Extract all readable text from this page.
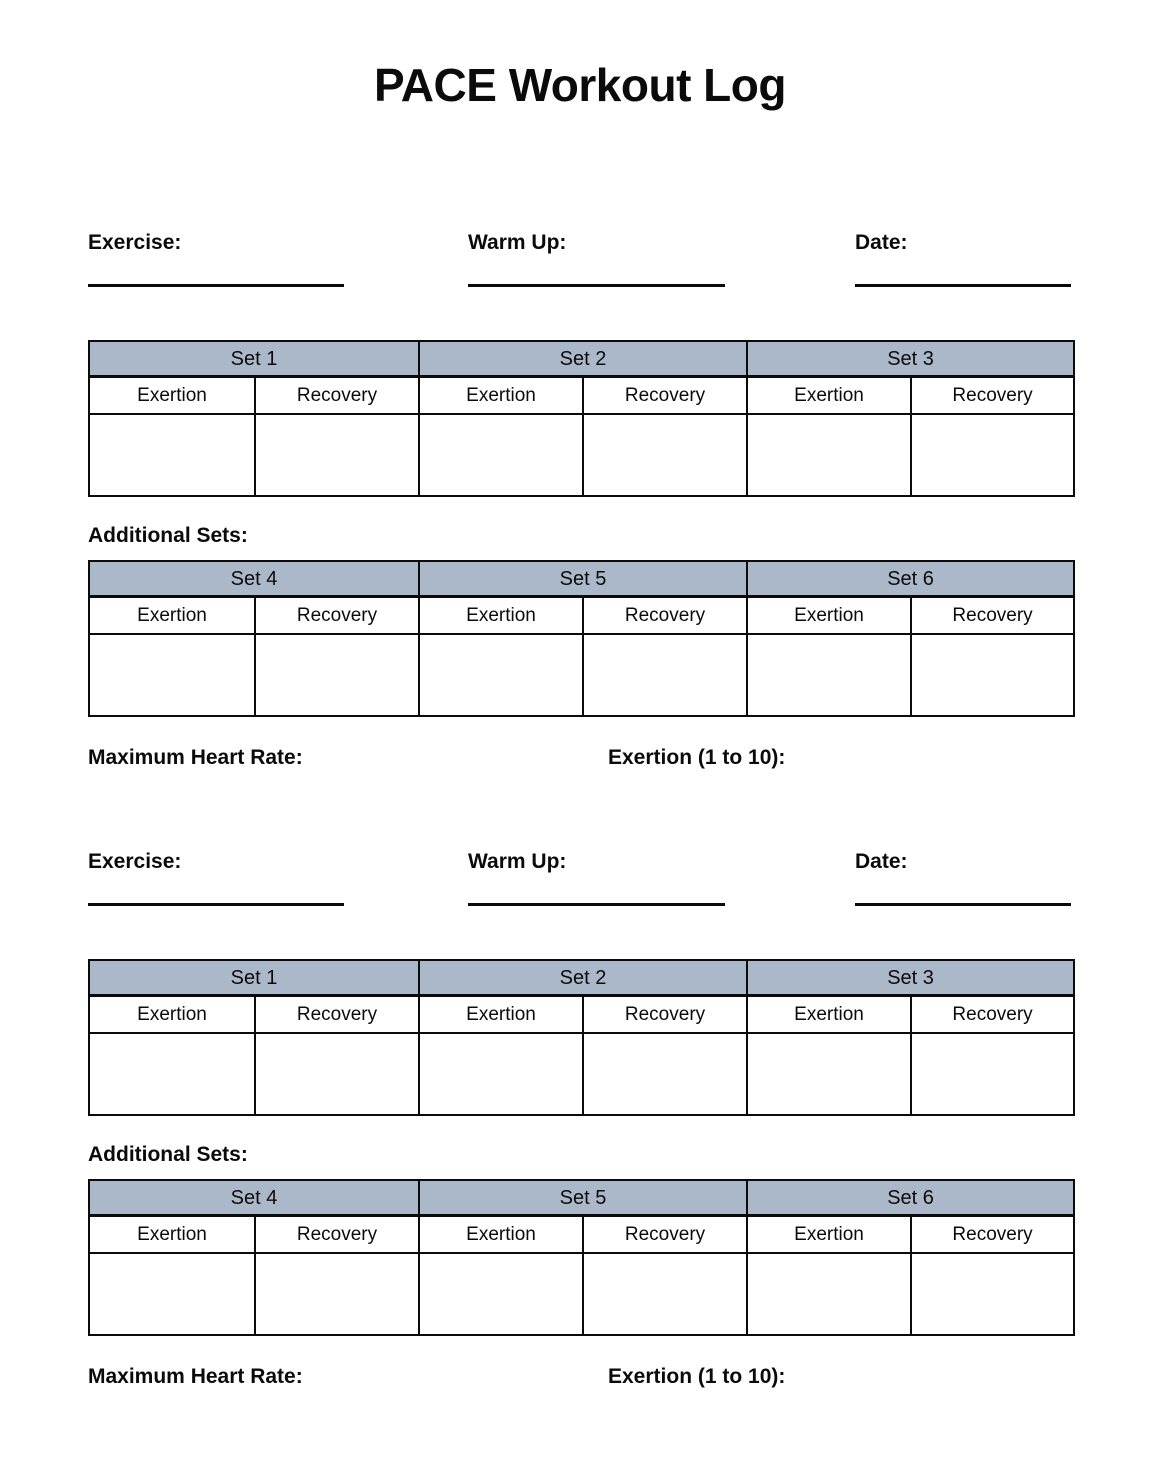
PACE Workout Log
Exercise:	Warm Up:	Date:
Set 1		Set 2		Set 3	
Exertion	Recovery	Exertion	Recovery	Exertion	Recovery

Additional Sets:
Set 4		Set 5		Set 6	
Exertion	Recovery	Exertion	Recovery	Exertion	Recovery

Maximum Heart Rate:	Exertion (1 to 10):
Exercise:	Warm Up:	Date:
Set 1		Set 2		Set 3	
Exertion	Recovery	Exertion	Recovery	Exertion	Recovery

Additional Sets:
Set 4		Set 5		Set 6	
Exertion	Recovery	Exertion	Recovery	Exertion	Recovery

Maximum Heart Rate:	Exertion (1 to 10):
